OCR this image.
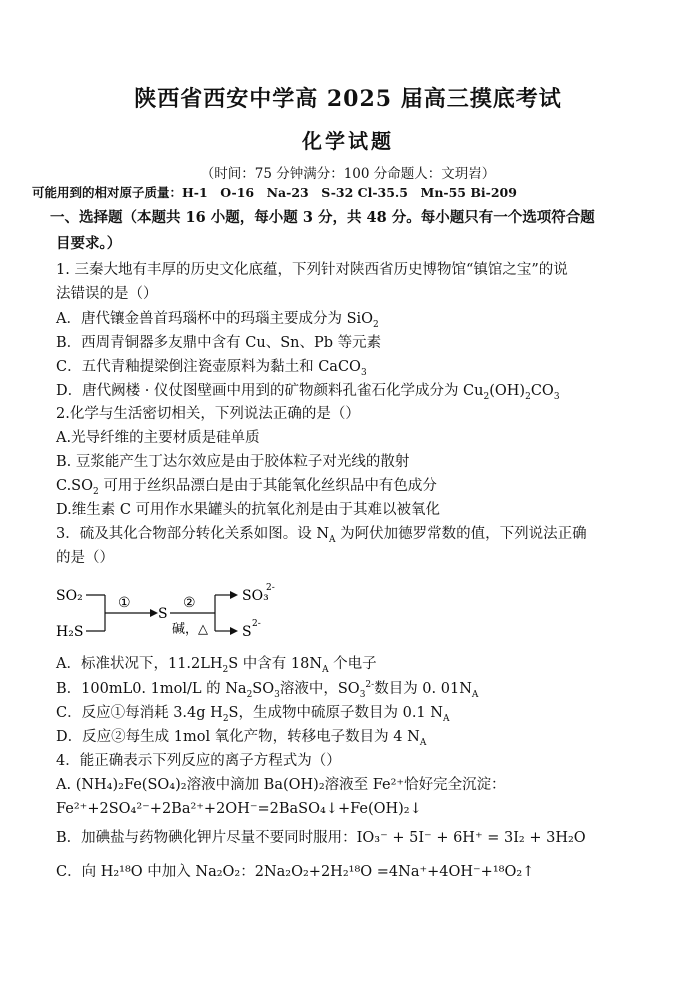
陕西省西安中学高 2025 届高三摸底考试
化学试题
（时间：75 分钟满分：100 分命题人：文玥岧）
可能用到的相对原子质量：H-1　O-16　Na-23　S-32 Cl-35.5　Mn-55 Bi-209
一、选择题（本题共 16 小题，每小题 3 分，共 48 分。每小题只有一个选项符合题
目要求。）
1. 三秦大地有丰厚的历史文化底蕴，下列针对陕西省历史博物馆“镇馆之宝”的说
法错误的是（）
A．唐代镶金兽首玛瑙杯中的玛瑙主要成分为 SiO$_2$
B．西周青铜器多友鼎中含有 Cu、Sn、Pb 等元素
C．五代青釉提梁倒注瓷壶原料为黏土和 CaCO$_3$
D．唐代阙楼 · 仪仗图壁画中用到的矿物颜料孔雀石化学成分为 $Cu_2(OH)_2CO_3$
2.化学与生活密切相关，下列说法正确的是（）
A.光导纤维的主要材质是硅单质
B. 豆浆能产生丁达尔效应是由于胶体粒子对光线的散射
$C.SO_2$ 可用于丝织品漂白是由于其能氧化丝织品中有色成分
D.维生素 C 可用作水果罐头的抗氧化剂是由于其难以被氧化
3．硫及其化合物部分转化关系如图。设 $N_A$ 为阿伏加德罗常数的值，下列说法正确
的是（）
SO₂
H₂S
①
S
②
碱，△
SO₃
2-
S 2-
A．标准状况下，$11.2LH_2S$ 中含有 $18N_A$ 个电子
B．100mL0. 1mol/L 的 $Na_2SO_3$溶液中，$SO_3^{2-}$数目为 0. $01N_A$
C．反应①每消耗 3.4g $H_2S$，生成物中硫原子数目为 0.1 $N_A$
D．反应②每生成 1mol 氧化产物，转移电子数目为 4 $N_A$
4．能正确表示下列反应的离子方程式为（）
A. (NH₄)₂Fe(SO₄)₂溶液中滴加 Ba(OH)₂溶液至 Fe²⁺恰好完全沉淀：
Fe²⁺+2SO₄²⁻+2Ba²⁺+2OH⁻=2BaSO₄↓+Fe(OH)₂↓
B．加碘盐与药物碘化钾片尽量不要同时服用：IO₃⁻ + 5I⁻ + 6H⁺ = 3I₂ + 3H₂O
C．向 H₂¹⁸O 中加入 Na₂O₂：2Na₂O₂+2H₂¹⁸O =4Na⁺+4OH⁻+¹⁸O₂↑
